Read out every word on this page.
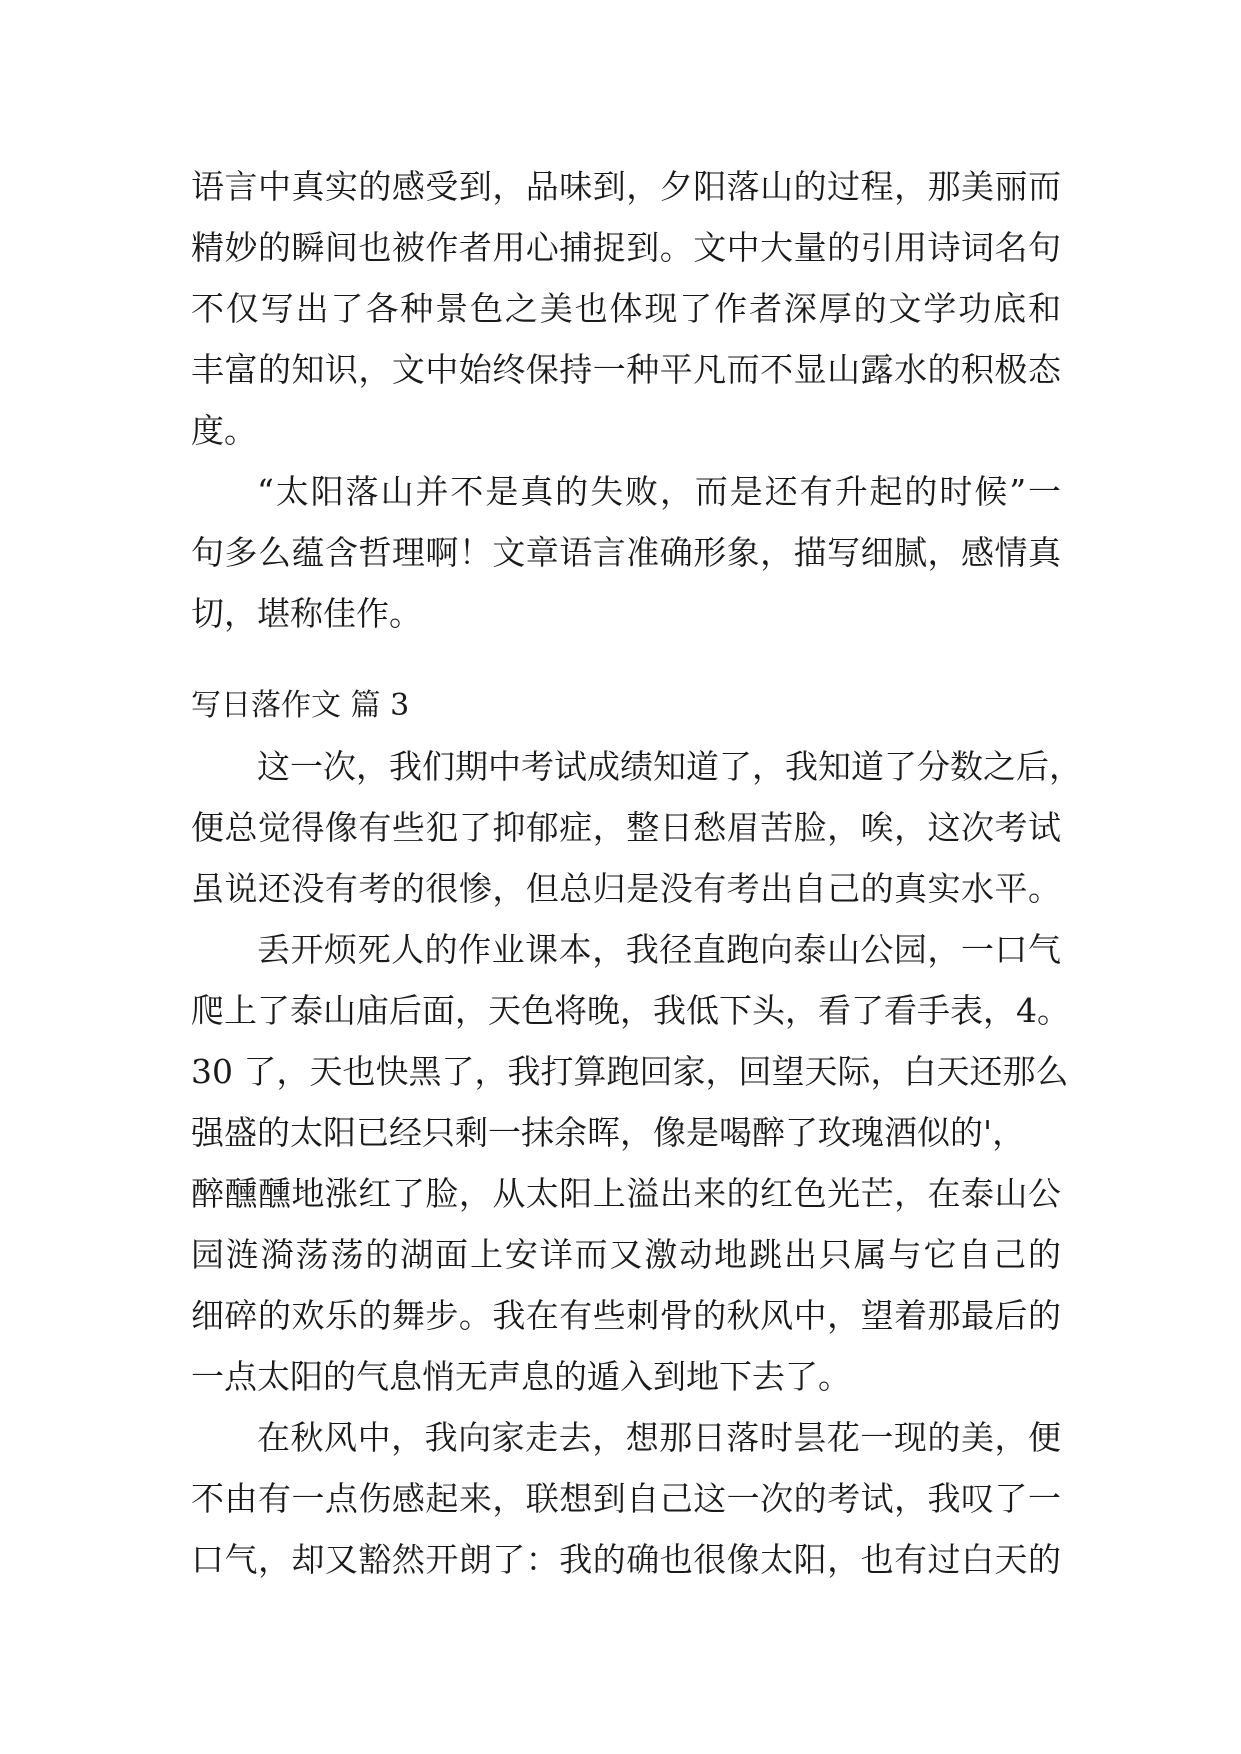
语言中真实的感受到，品味到，夕阳落山的过程，那美丽而
精妙的瞬间也被作者用心捕捉到。文中大量的引用诗词名句
不仅写出了各种景色之美也体现了作者深厚的文学功底和
丰富的知识，文中始终保持一种平凡而不显山露水的积极态
度。
“太阳落山并不是真的失败，而是还有升起的时候”一
句多么蕴含哲理啊！文章语言准确形象，描写细腻，感情真
切，堪称佳作。
写日落作文 篇 3
这一次，我们期中考试成绩知道了，我知道了分数之后，
便总觉得像有些犯了抑郁症，整日愁眉苦脸，唉，这次考试
虽说还没有考的很惨，但总归是没有考出自己的真实水平。
丢开烦死人的作业课本，我径直跑向泰山公园，一口气
爬上了泰山庙后面，天色将晚，我低下头，看了看手表，4。
30 了，天也快黑了，我打算跑回家，回望天际，白天还那么
强盛的太阳已经只剩一抹余晖，像是喝醉了玫瑰酒似的'，
醉醺醺地涨红了脸，从太阳上溢出来的红色光芒，在泰山公
园涟漪荡荡的湖面上安详而又激动地跳出只属与它自己的
细碎的欢乐的舞步。我在有些刺骨的秋风中，望着那最后的
一点太阳的气息悄无声息的遁入到地下去了。
在秋风中，我向家走去，想那日落时昙花一现的美，便
不由有一点伤感起来，联想到自己这一次的考试，我叹了一
口气，却又豁然开朗了：我的确也很像太阳，也有过白天的
